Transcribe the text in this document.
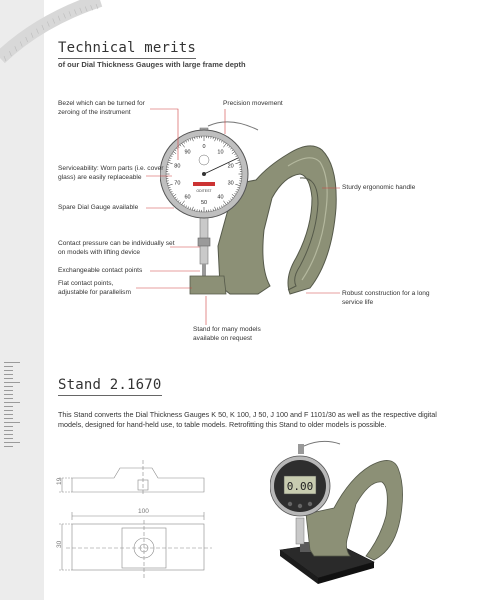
Technical merits
of our Dial Thickness Gauges with large frame depth
0
10
20
30
40
50
60
70
80
90
ODITEST
Bezel which can be turned for zeroing of the instrument
Precision movement
Serviceability: Worn parts (i.e. cover glass) are easily replaceable
Spare Dial Gauge available
Contact pressure can be individually set on models with lifting device
Exchangeable contact points
Flat contact points, adjustable for parallelism
Stand for many models available on request
Sturdy ergonomic handle
Robust construction for a long service life
Stand 2.1670
This Stand converts the Dial Thickness Gauges K 50, K 100, J 50, J 100 and F 1101/30 as well as the respective digital models, designed for hand-held use, to table models. Retrofitting this Stand to older models is possible.
19
100
30
0.00
